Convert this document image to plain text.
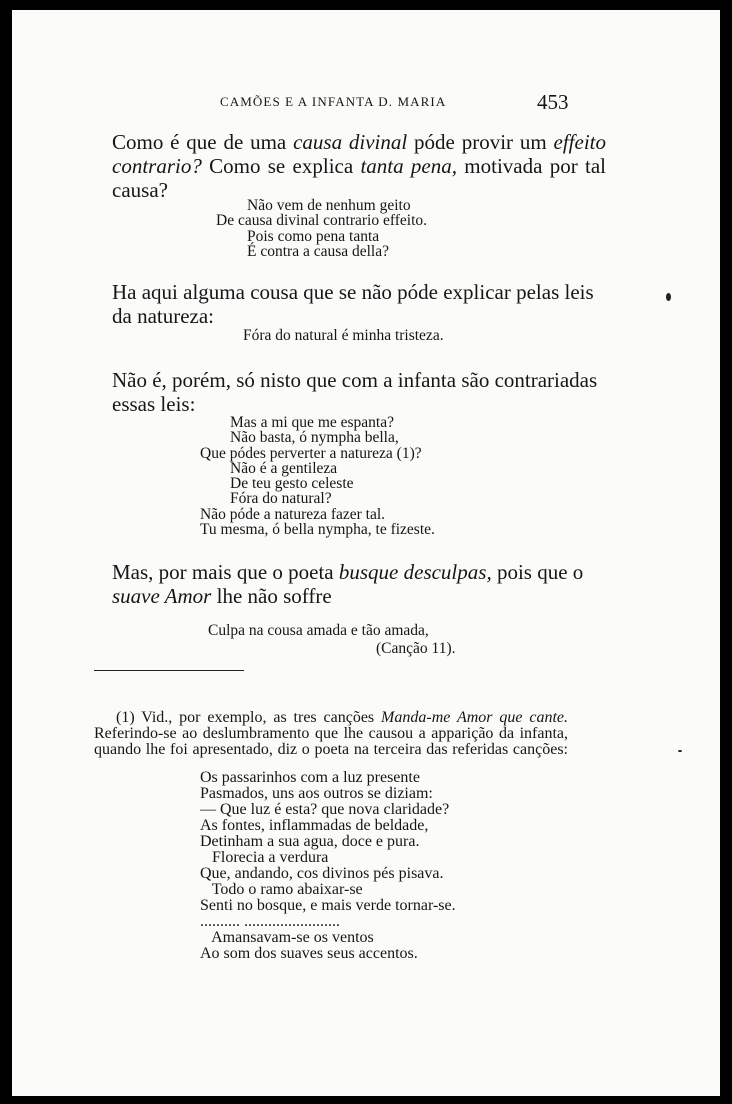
CAMÕES E A INFANTA D. MARIA	453
Como é que de uma causa divinal póde provir um effeito
contrario? Como se explica tanta pena, motivada por tal
causa?
Não vem de nenhum geito
De causa divinal contrario effeito.
Pois como pena tanta
É contra a causa della?
Ha aqui alguma cousa que se não póde explicar pelas leis
da natureza:
Fóra do natural é minha tristeza.
Não é, porém, só nisto que com a infanta são contrariadas
essas leis:
Mas a mi que me espanta?
Não basta, ó nympha bella,
Que pódes perverter a natureza (1)?
Não é a gentileza
De teu gesto celeste
Fóra do natural?
Não póde a natureza fazer tal.
Tu mesma, ó bella nympha, te fizeste.
Mas, por mais que o poeta busque desculpas, pois que o
suave Amor lhe não soffre
Culpa na cousa amada e tão amada,
(Canção 11).
(1) Vid., por exemplo, as tres canções Manda-me Amor que cante.
Referindo-se ao deslumbramento que lhe causou a apparição da infanta,
quando lhe foi apresentado, diz o poeta na terceira das referidas canções:
Os passarinhos com a luz presente
Pasmados, uns aos outros se diziam:
— Que luz é esta? que nova claridade?
As fontes, inflammadas de beldade,
Detinham a sua agua, doce e pura.
Florecia a verdura
Que, andando, cos divinos pés pisava.
Todo o ramo abaixar-se
Senti no bosque, e mais verde tornar-se.
.......... ........................
Amansavam-se os ventos
Ao som dos suaves seus accentos.
